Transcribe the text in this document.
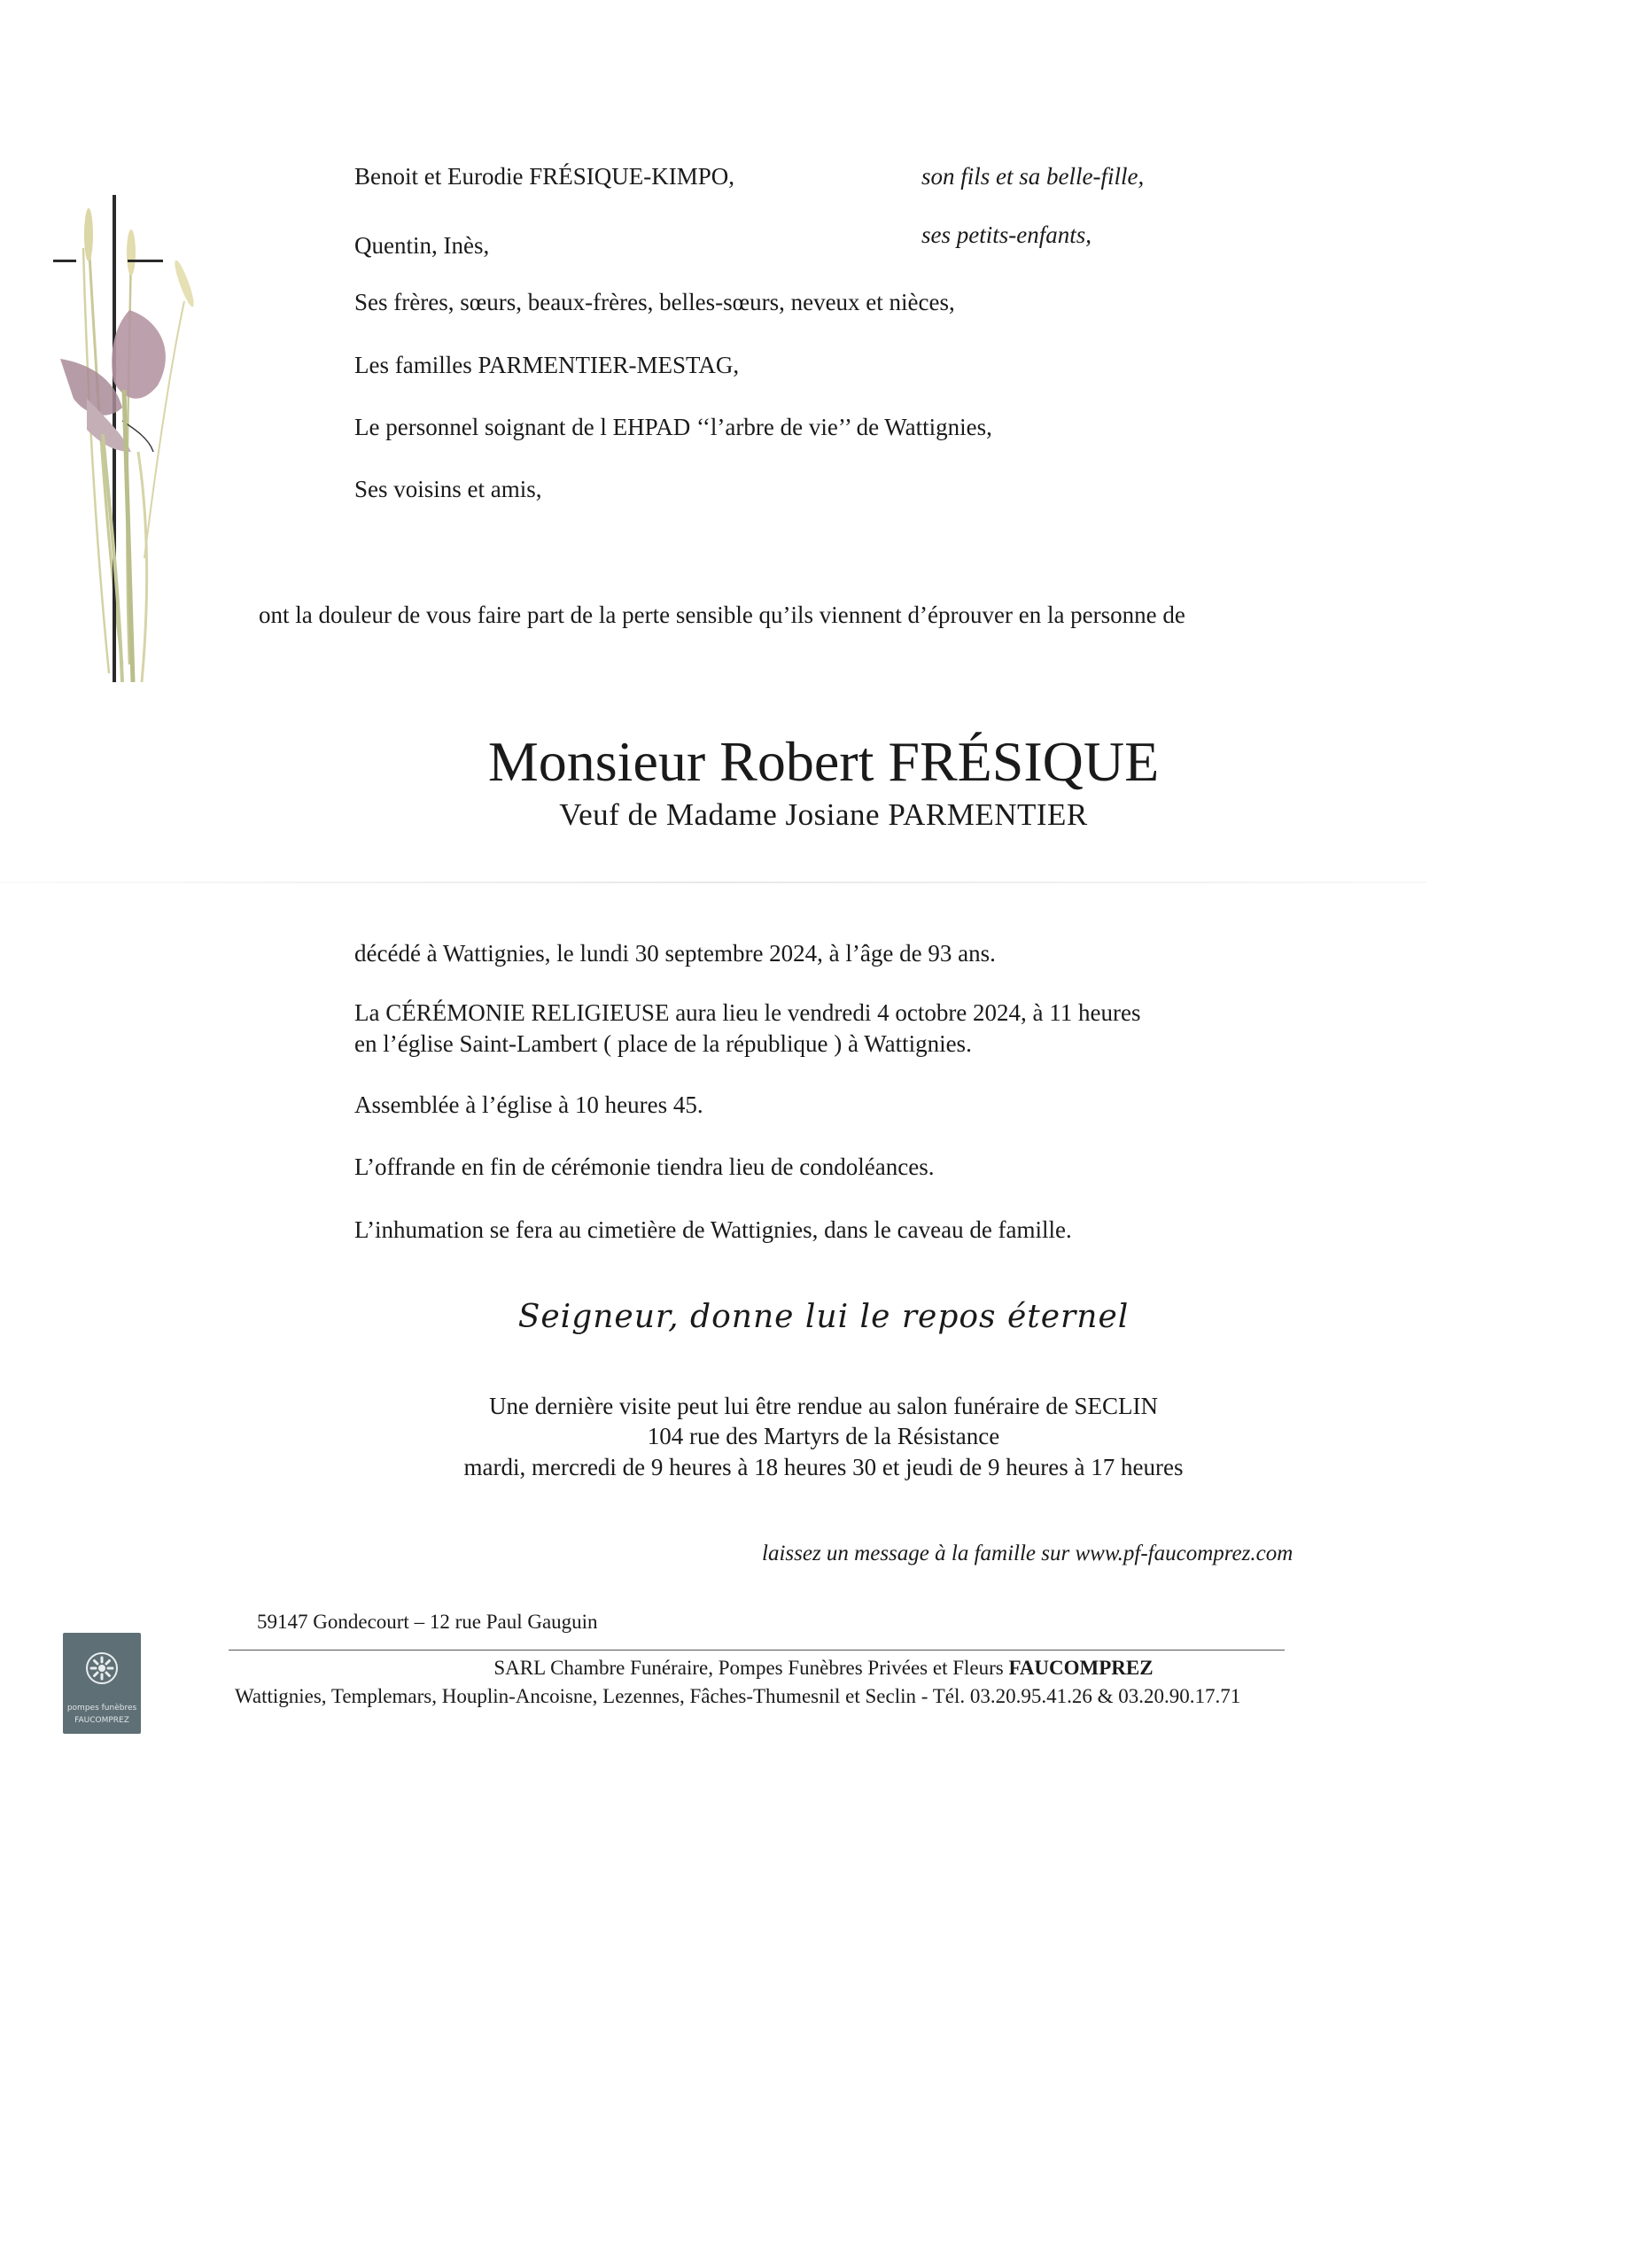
Benoit et Eurodie FRÉSIQUE-KIMPO,	son fils et sa belle-fille,
Quentin, Inès,	ses petits-enfants,
Ses frères, sœurs, beaux-frères, belles-sœurs, neveux et nièces,
Les familles PARMENTIER-MESTAG,
Le personnel soignant de l EHPAD ‘‘l’arbre de vie’’ de Wattignies,
Ses voisins et amis,
ont la douleur de vous faire part de la perte sensible qu’ils viennent d’éprouver en la personne de
Monsieur Robert FRÉSIQUE
Veuf de Madame Josiane PARMENTIER
décédé à Wattignies, le lundi 30 septembre 2024, à l’âge de 93 ans.
La CÉRÉMONIE RELIGIEUSE aura lieu le vendredi 4 octobre 2024, à 11 heures
en l’église Saint-Lambert ( place de la république ) à Wattignies.
Assemblée à l’église à 10 heures 45.
L’offrande en fin de cérémonie tiendra lieu de condoléances.
L’inhumation se fera au cimetière de Wattignies, dans le caveau de famille.
Seigneur, donne lui le repos éternel
Une dernière visite peut lui être rendue au salon funéraire de SECLIN
104 rue des Martyrs de la Résistance
mardi, mercredi de 9 heures à 18 heures 30 et jeudi de 9 heures à 17 heures
laissez un message à la famille sur www.pf-faucomprez.com
pompes funèbres
FAUCOMPREZ
59147 Gondecourt – 12 rue Paul Gauguin
SARL Chambre Funéraire, Pompes Funèbres Privées et Fleurs FAUCOMPREZ
Wattignies, Templemars, Houplin-Ancoisne, Lezennes, Fâches-Thumesnil et Seclin - Tél. 03.20.95.41.26 & 03.20.90.17.71
